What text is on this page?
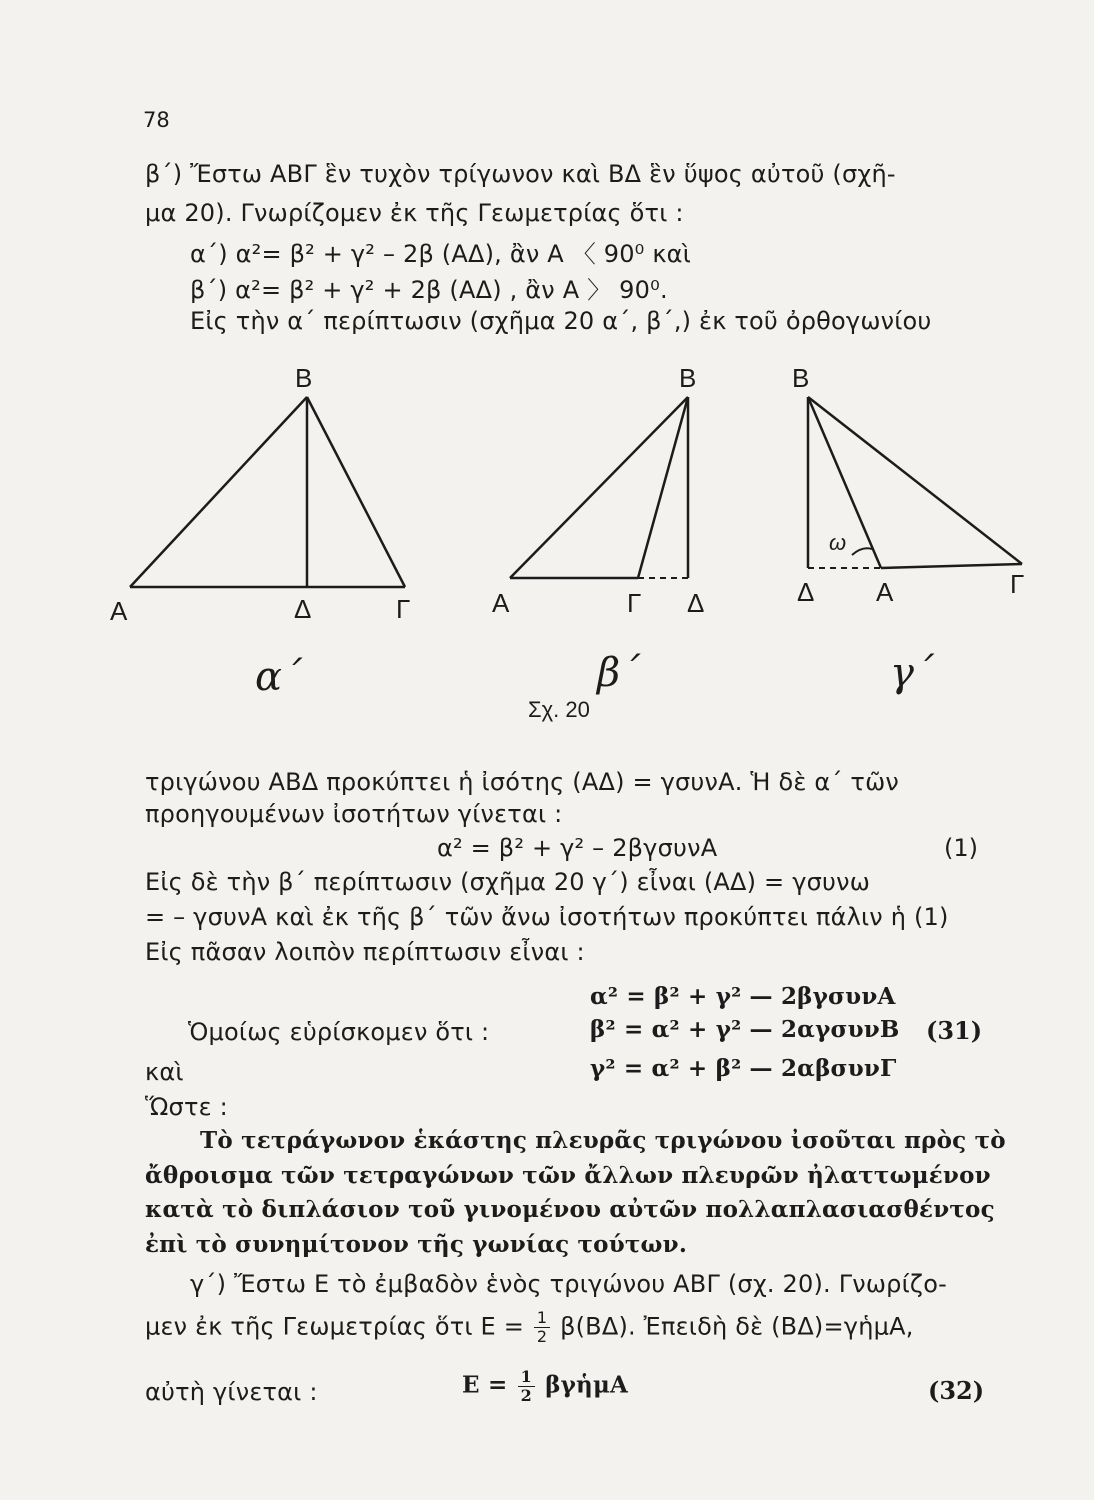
78
β΄) Ἔστω ΑΒΓ ἓν τυχὸν τρίγωνον καὶ ΒΔ ἓν ὕψος αὐτοῦ (σχῆ-
μα 20). Γνωρίζομεν ἐκ τῆς Γεωμετρίας ὅτι :
α΄) α²= β² + γ² – 2β (ΑΔ), ἂν Α 〈 90⁰ καὶ
β΄) α²= β² + γ² + 2β (ΑΔ) , ἂν Α 〉 90⁰.
Εἰς τὴν α΄ περίπτωσιν (σχῆμα 20 α΄, β΄,) ἐκ τοῦ ὀρθογωνίου
Β
Α	Δ	Γ
α΄
Β
Α	Γ Δ
β΄
Β
Δ Α	Γ
ω
γ΄
Σχ. 20
τριγώνου ΑΒΔ προκύπτει ἡ ἰσότης (ΑΔ) = γσυνΑ. Ἡ δὲ α΄ τῶν
προηγουμένων ἰσοτήτων γίνεται :
α² = β² + γ² – 2βγσυνΑ	(1)
Εἰς δὲ τὴν β΄ περίπτωσιν (σχῆμα 20 γ΄) εἶναι (ΑΔ) = γσυνω
= – γσυνΑ καὶ ἐκ τῆς β΄ τῶν ἄνω ἰσοτήτων προκύπτει πάλιν ἡ (1)
Εἰς πᾶσαν λοιπὸν περίπτωσιν εἶναι :
α² = β² + γ² — 2βγσυνΑ
Ὁμοίως εὑρίσκομεν ὅτι :	β² = α² + γ² — 2αγσυνΒ (31)
καὶ	γ² = α² + β² — 2αβσυνΓ
Ὥστε :
Τὸ τετράγωνον ἑκάστης πλευρᾶς τριγώνου ἰσοῦται πρὸς τὸ
ἄθροισμα τῶν τετραγώνων τῶν ἄλλων πλευρῶν ἠλαττωμένον
κατὰ τὸ διπλάσιον τοῦ γινομένου αὐτῶν πολλαπλασιασθέντος
ἐπὶ τὸ συνημίτονον τῆς γωνίας τούτων.
γ΄) Ἔστω Ε τὸ ἐμβαδὸν ἑνὸς τριγώνου ΑΒΓ (σχ. 20). Γνωρίζο-
μεν ἐκ τῆς Γεωμετρίας ὅτι $E = \frac{1}{2} \beta(B\Delta)$. Ἐπειδὴ δὲ (ΒΔ)=γἡμΑ,
αὐτὴ γίνεται :	$E = \frac{1}{2}$ βγἡμΑ	(32)
